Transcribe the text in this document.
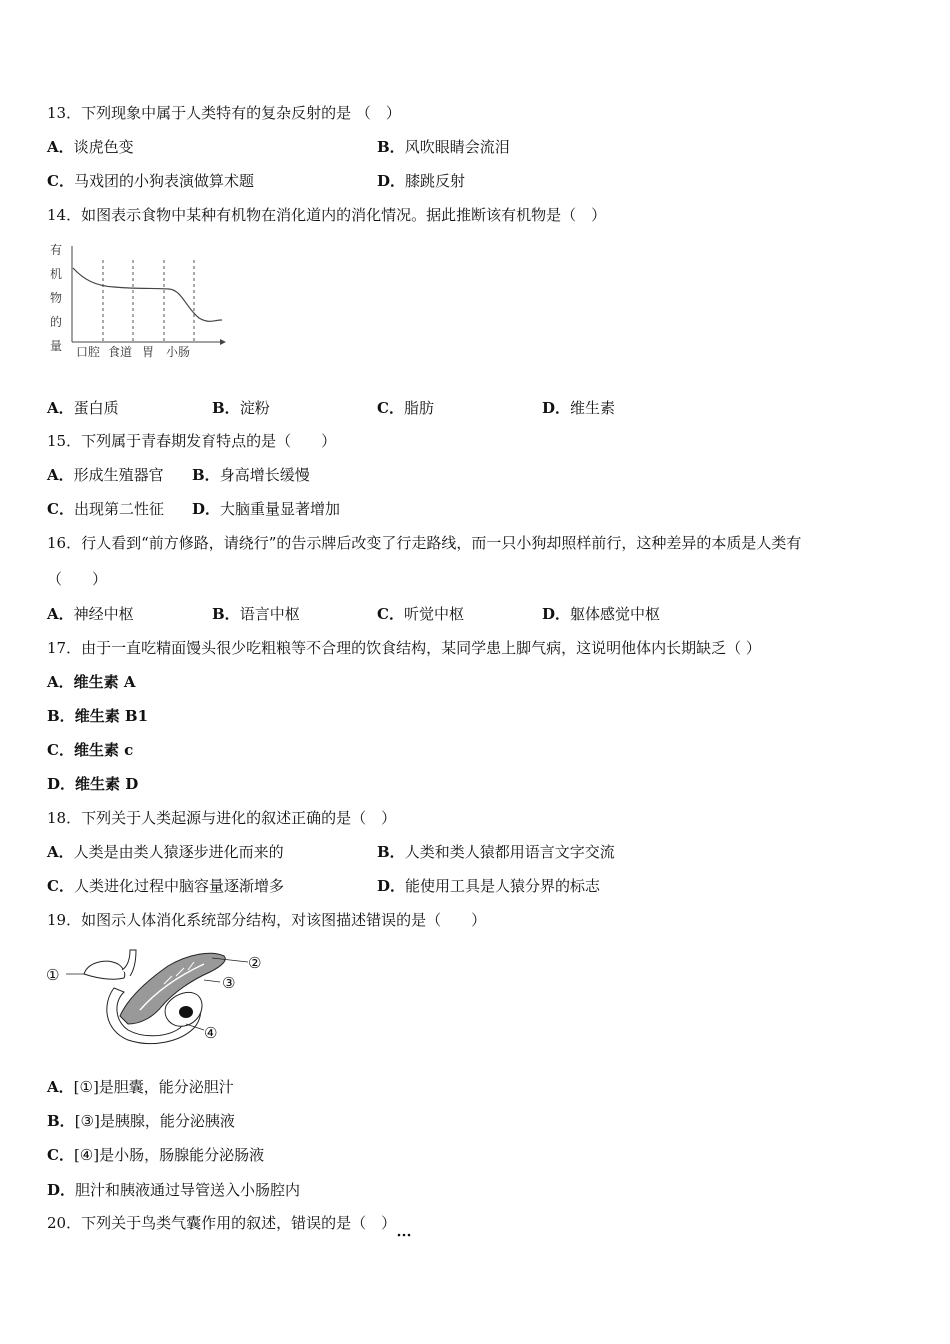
13．下列现象中属于人类特有的复杂反射的是 （　）
A．谈虎色变	B．风吹眼睛会流泪
C．马戏团的小狗表演做算术题	D．膝跳反射
14．如图表示食物中某种有机物在消化道内的消化情况。据此推断该有机物是（　）
有
机
物
的
量 口腔 食道 胃 小肠
A．蛋白质	B．淀粉	C．脂肪	D．维生素
15．下列属于青春期发育特点的是（　　）
A．形成生殖器官 B．身高增长缓慢
C．出现第二性征 D．大脑重量显著增加
16．行人看到“前方修路，请绕行”的告示牌后改变了行走路线，而一只小狗却照样前行，这种差异的本质是人类有
（　　）
A．神经中枢	B．语言中枢	C．听觉中枢	D．躯体感觉中枢
17．由于一直吃精面馒头很少吃粗粮等不合理的饮食结构，某同学患上脚气病，这说明他体内长期缺乏（ ）
A．维生素 A
B．维生素 B1
C．维生素 c
D．维生素 D
18．下列关于人类起源与进化的叙述正确的是（　）
A．人类是由类人猿逐步进化而来的	B．人类和类人猿都用语言文字交流
C．人类进化过程中脑容量逐渐增多	D．能使用工具是人猿分界的标志
19．如图示人体消化系统部分结构，对该图描述错误的是（　　）
①
②
③
④
A．[①]是胆囊，能分泌胆汁
B．[③]是胰腺，能分泌胰液
C．[④]是小肠，肠腺能分泌肠液
D．胆汁和胰液通过导管送入小肠腔内
20．下列关于鸟类气囊作用的叙述，错误的是（　）
